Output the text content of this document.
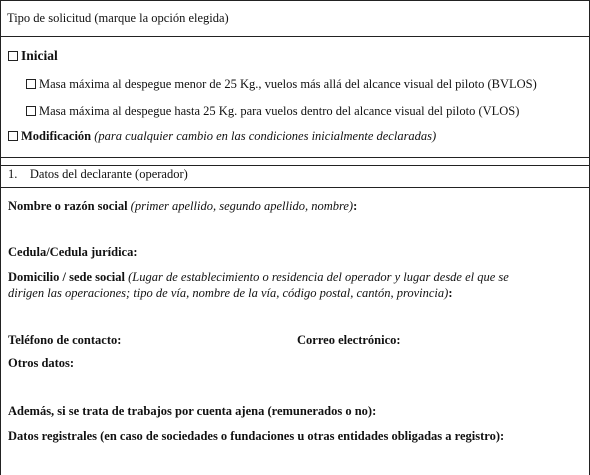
Tipo de solicitud (marque la opción elegida)
Inicial
Masa máxima al despegue menor de 25 Kg., vuelos más allá del alcance visual del piloto (BVLOS)
Masa máxima al despegue hasta 25 Kg. para vuelos dentro del alcance visual del piloto (VLOS)
Modificación (para cualquier cambio en las condiciones inicialmente declaradas)
1. Datos del declarante (operador)
Nombre o razón social (primer apellido, segundo apellido, nombre):
Cedula/Cedula jurídica:
Domicilio / sede social (Lugar de establecimiento o residencia del operador y lugar desde el que se
dirigen las operaciones; tipo de vía, nombre de la vía, código postal, cantón, provincia):
Teléfono de contacto:	Correo electrónico:
Otros datos:
Además, si se trata de trabajos por cuenta ajena (remunerados o no):
Datos registrales (en caso de sociedades o fundaciones u otras entidades obligadas a registro):
